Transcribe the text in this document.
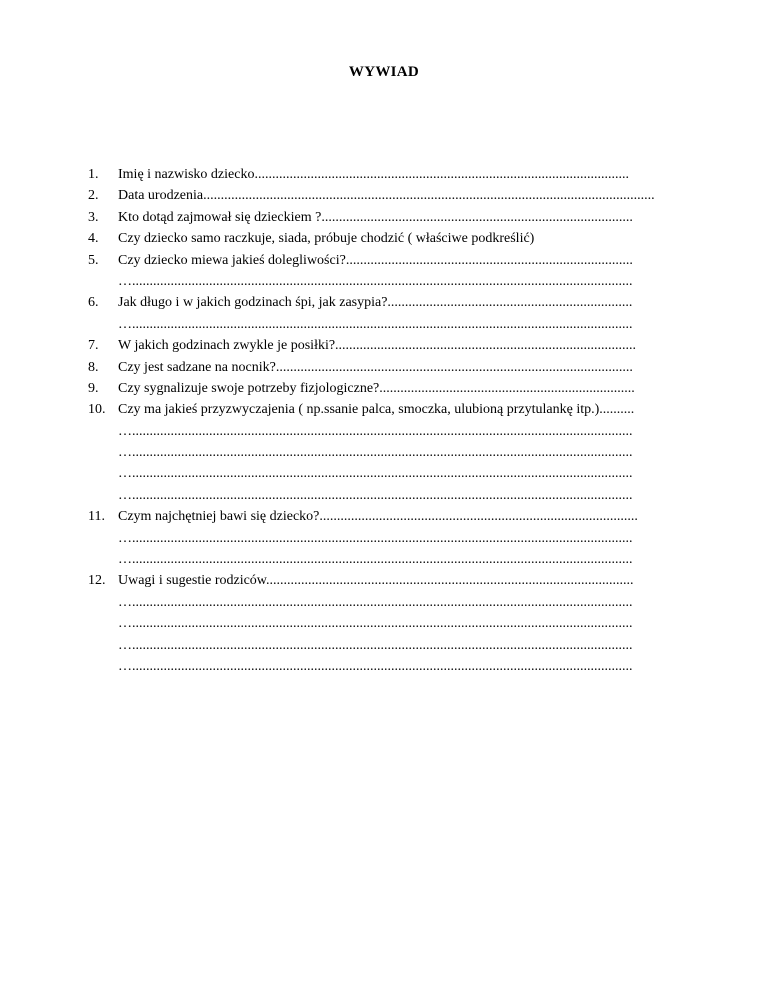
WYWIAD
1.	Imię i nazwisko dziecko...........................................................................................................
2.	Data urodzenia.................................................................................................................................
3.	Kto dotąd zajmował się dzieckiem ?.........................................................................................
4.	Czy dziecko samo raczkuje, siada, próbuje chodzić ( właściwe podkreślić)
5.	Czy dziecko miewa jakieś dolegliwości?..................................................................................
…...............................................................................................................................................
6.	Jak długo i w jakich godzinach śpi, jak zasypia?......................................................................
…...............................................................................................................................................
7.	W jakich godzinach zwykle je posiłki?......................................................................................
8.	Czy jest sadzane na nocnik?......................................................................................................
9.	Czy sygnalizuje swoje potrzeby fizjologiczne?.........................................................................
10. Czy ma jakieś przyzwyczajenia ( np.ssanie palca, smoczka, ulubioną przytulankę itp.)..........
…...............................................................................................................................................
…...............................................................................................................................................
…...............................................................................................................................................
…...............................................................................................................................................
11. Czym najchętniej bawi się dziecko?...........................................................................................
…...............................................................................................................................................
…...............................................................................................................................................
12. Uwagi i sugestie rodziców.........................................................................................................
…...............................................................................................................................................
…...............................................................................................................................................
…...............................................................................................................................................
…...............................................................................................................................................
